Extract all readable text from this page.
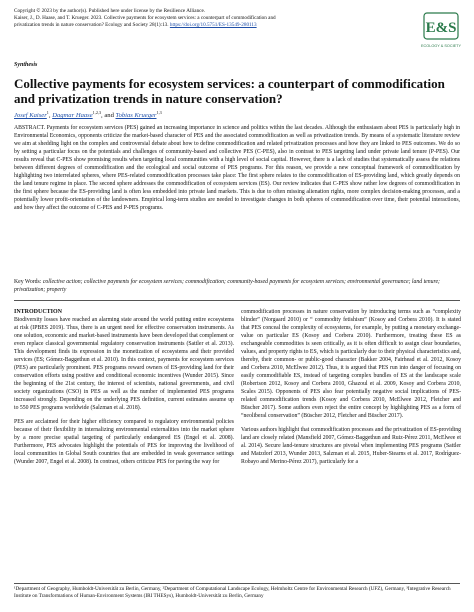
Copyright © 2023 by the author(s). Published here under license by the Resilience Alliance.
Kaiser, J., D. Haase, and T. Krueger. 2023. Collective payments for ecosystem services: a counterpart of commodification and
privatization trends in nature conservation? Ecology and Society 28(1):13. https://doi.org/10.5751/ES-13549-280113	E&S
ECOLOGY & SOCIETY
Synthesis
Collective payments for ecosystem services: a counterpart of commodification and privatization trends in nature conservation?
Josef Kaiser$^1$, Dagmar Haase$^{1,2,3}$, and Tobias Krueger$^{1,3}$
ABSTRACT. Payments for ecosystem services (PES) gained an increasing importance in science and politics within the last decades. Although the enthusiasm about PES is particularly high in Environmental Economics, opponents criticize the market-based character of PES and the associated commodification as well as privatization trends. By means of a systematic literature review we aim at shedding light on the complex and controversial debate about how to define commodification and related privatization processes and how they are linked to PES outcomes. We do so by setting a particular focus on the potentials and challenges of community-based and collective PES (C-PES), also in contrast to PES targeting land under private land tenure (P-PES). Our results reveal that C-PES show promising results when targeting local communities with a high level of social capital. However, there is a lack of studies that systematically assess the relations between different degrees of commodification and the ecological and social outcome of PES programs. For this reason, we provide a new conceptual framework of commodification by highlighting two interrelated spheres, where PES-related commodification processes take place: The first sphere relates to the commodification of ES-providing land, which greatly depends on the land tenure regime in place. The second sphere addresses the commodification of ecosystem services (ES). Our review indicates that C-PES show rather low degrees of commodification in the first sphere because the ES-providing land is often less embedded into private land markets. This is due to often missing alienation rights, more complex decision-making processes, and a potentially lower profit-orientation of the landowners. Empirical long-term studies are needed to investigate changes in both spheres of commodification over time, their potential interactions, and how they affect the outcome of C-PES and P-PES programs.
Key Words: collective action; collective payments for ecosystem services; commodification; community-based payments for ecosystem services; environmental governance; land tenure; privatization; property
INTRODUCTION

Biodiversity losses have reached an alarming state around the world putting entire ecosystems at risk (IPBES 2019). Thus, there is an urgent need for effective conservation instruments. As one solution, economic and market-based instruments have been developed that complement or even replace classical governmental regulatory conservation instruments (Sattler et al. 2013). This development finds its expression in the monetization of ecosystems and their provided services (ES; Gómez-Baggethun et al. 2010). In this context, payments for ecosystem services (PES) are particularly prominent. PES programs reward owners of ES-providing land for their conservation efforts using positive and conditional economic incentives (Wunder 2015). Since the beginning of the 21st century, the interest of scientists, national governments, and civil society organizations (CSO) in PES as well as the number of implemented PES programs increased strongly. Depending on the underlying PES definition, current estimates assume up to 550 PES programs worldwide (Salzman et al. 2018).

PES are acclaimed for their higher efficiency compared to regulatory environmental policies because of their flexibility in internalizing environmental externalities into the market sphere by a more precise spatial targeting of particularly endangered ES (Engel et al. 2008). Furthermore, PES advocates highlight the potentials of PES for improving the livelihood of local communities in Global South countries that are embedded in weak governance settings (Wunder 2007, Engel et al. 2008). In contrast, others criticize PES for paving the way for

commodification processes in nature conservation by introducing terms such as “complexity blinder” (Norgaard 2010) or “ commodity fetishism” (Kosoy and Corbera 2010). It is stated that PES conceal the complexity of ecosystems, for example, by putting a monetary exchange-value on particular ES (Kosoy and Corbera 2010). Furthermore, treating these ES as exchangeable commodities is seen critically, as it is often difficult to assign clear boundaries, values, and property rights to ES, which is particularly due to their physical characteristics and, thereby, their common- or public-good character (Bakker 2004, Fairhead et al. 2012, Kosoy and Corbera 2010, McElwee 2012). Thus, it is argued that PES run into danger of focusing on easily commodifiable ES, instead of targeting complex bundles of ES at the landscape scale (Robertson 2012, Kosoy and Corbera 2010, Ghazoul et al. 2009, Kosoy and Corbera 2010, Scales 2015). Opponents of PES also fear potentially negative social implications of PES-related commodification trends (Kosoy and Corbera 2010, McElwee 2012, Fletcher and Büscher 2017). Some authors even reject the entire concept by highlighting PES as a form of “neoliberal conservation” (Büscher 2012, Fletcher and Büscher 2017).

Various authors highlight that commodification processes and the privatization of ES-providing land are closely related (Mansfield 2007, Gómez-Baggethun and Ruiz-Pérez 2011, McElwee et al. 2014). Secure land-tenure structures are pivotal when implementing PES programs (Sattler and Matzdorf 2013, Wunder 2013, Salzman et al. 2015, Huber-Stearns et al. 2017, Rodríguez-Robayo and Merino-Pérez 2017), particularly for a

¹Department of Geography, Humboldt-Universität zu Berlin, Germany, ²Department of Computational Landscape Ecology, Helmholtz Centre for Environmental Research (UFZ), Germany, ³Integrative Research Institute on Transformations of Human-Environment Systems (IRI THESys), Humboldt-Universität zu Berlin, Germany
